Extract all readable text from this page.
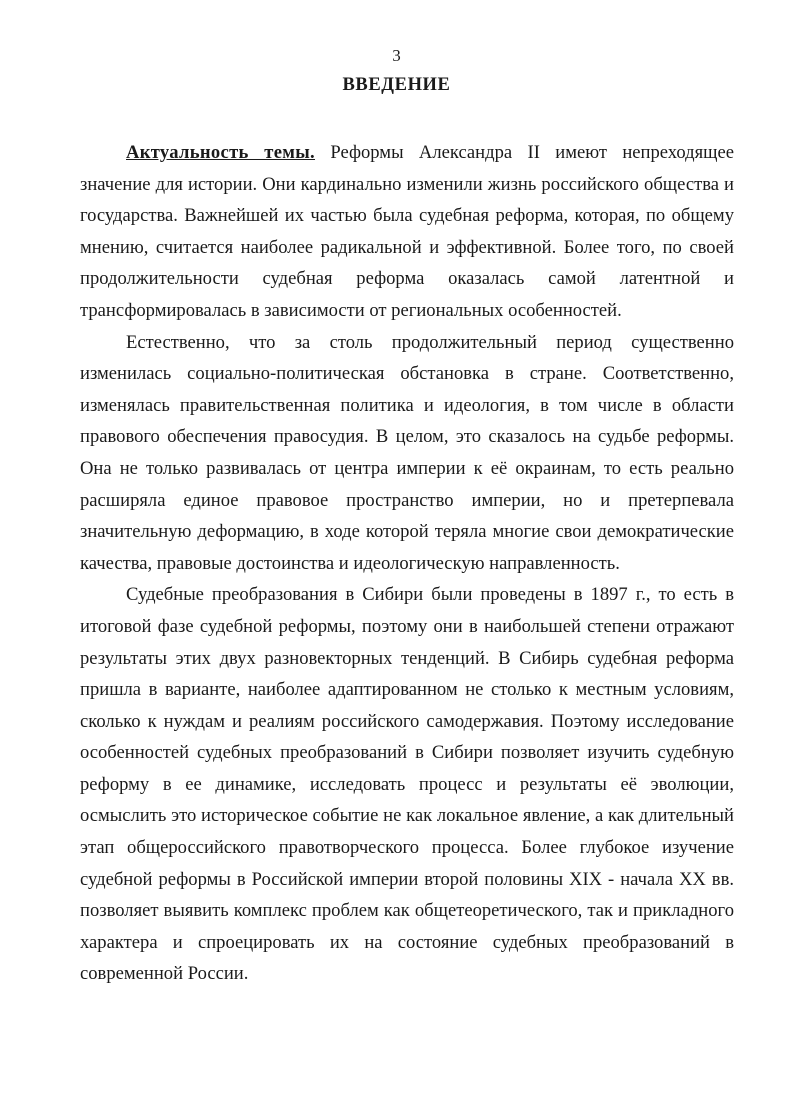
3
ВВЕДЕНИЕ

Актуальность темы. Реформы Александра II имеют непреходящее значение для истории. Они кардинально изменили жизнь российского общества и государства. Важнейшей их частью была судебная реформа, которая, по общему мнению, считается наиболее радикальной и эффективной. Более того, по своей продолжительности судебная реформа оказалась самой латентной и трансформировалась в зависимости от региональных особенностей.

Естественно, что за столь продолжительный период существенно изменилась социально-политическая обстановка в стране. Соответственно, изменялась правительственная политика и идеология, в том числе в области правового обеспечения правосудия. В целом, это сказалось на судьбе реформы. Она не только развивалась от центра империи к её окраинам, то есть реально расширяла единое правовое пространство империи, но и претерпевала значительную деформацию, в ходе которой теряла многие свои демократические качества, правовые достоинства и идеологическую направленность.

Судебные преобразования в Сибири были проведены в 1897 г., то есть в итоговой фазе судебной реформы, поэтому они в наибольшей степени отражают результаты этих двух разновекторных тенденций. В Сибирь судебная реформа пришла в варианте, наиболее адаптированном не столько к местным условиям, сколько к нуждам и реалиям российского самодержавия. Поэтому исследование особенностей судебных преобразований в Сибири позволяет изучить судебную реформу в ее динамике, исследовать процесс и результаты её эволюции, осмыслить это историческое событие не как локальное явление, а как длительный этап общероссийского правотворческого процесса. Более глубокое изучение судебной реформы в Российской империи второй половины XIX - начала XX вв. позволяет выявить комплекс проблем как общетеоретического, так и прикладного характера и спроецировать их на состояние судебных преобразований в современной России.
